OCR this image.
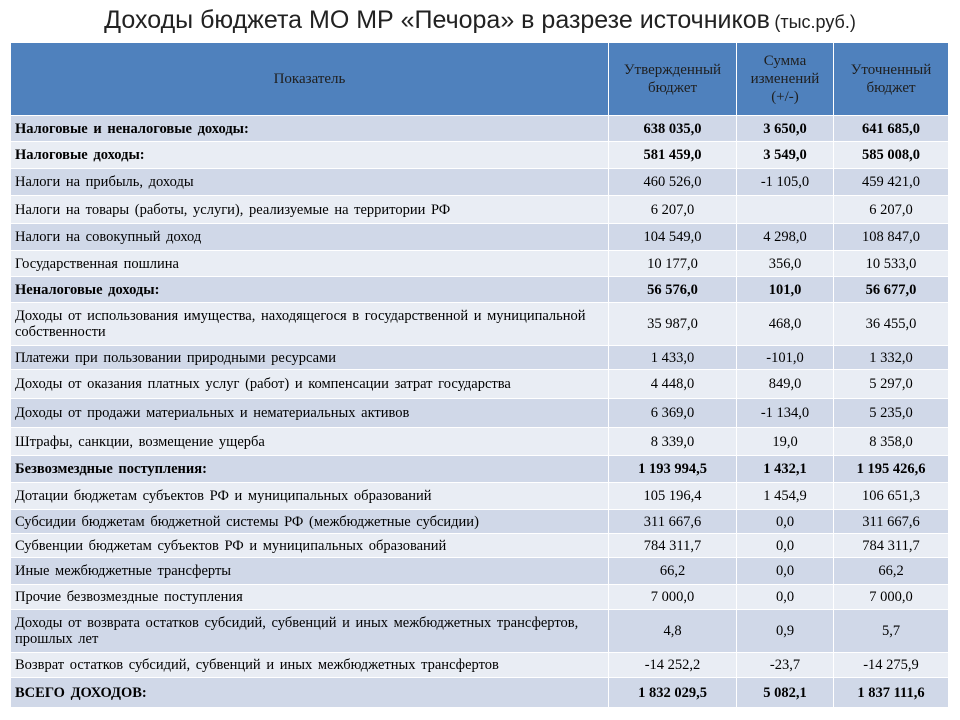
Доходы бюджета МО МР «Печора» в разрезе источников (тыс.руб.)
Показатель	Утвержденный бюджет	Сумма изменений (+/-)	Уточненный бюджет
Налоговые и неналоговые доходы:	638 035,0	3 650,0	641 685,0
Налоговые доходы:	581 459,0	3 549,0	585 008,0
Налоги на прибыль, доходы	460 526,0	-1 105,0	459 421,0
Налоги на товары (работы, услуги), реализуемые на территории РФ	6 207,0		6 207,0
Налоги на совокупный доход	104 549,0	4 298,0	108 847,0
Государственная пошлина	10 177,0	356,0	10 533,0
Неналоговые доходы:	56 576,0	101,0	56 677,0
Доходы от использования имущества, находящегося в государственной и муниципальной собственности	35 987,0	468,0	36 455,0
Платежи при пользовании природными ресурсами	1 433,0	-101,0	1 332,0
Доходы от оказания платных услуг (работ) и компенсации затрат государства	4 448,0	849,0	5 297,0
Доходы от продажи материальных и нематериальных активов	6 369,0	-1 134,0	5 235,0
Штрафы, санкции, возмещение ущерба	8 339,0	19,0	8 358,0
Безвозмездные поступления:	1 193 994,5	1 432,1	1 195 426,6
Дотации бюджетам субъектов РФ и муниципальных образований	105 196,4	1 454,9	106 651,3
Субсидии бюджетам бюджетной системы РФ (межбюджетные субсидии)	311 667,6	0,0	311 667,6
Субвенции бюджетам субъектов РФ и муниципальных образований	784 311,7	0,0	784 311,7
Иные межбюджетные трансферты	66,2	0,0	66,2
Прочие безвозмездные поступления	7 000,0	0,0	7 000,0
Доходы от возврата остатков субсидий, субвенций и иных межбюджетных трансфертов, прошлых лет	4,8	0,9	5,7
Возврат остатков субсидий, субвенций и иных межбюджетных трансфертов	-14 252,2	-23,7	-14 275,9
ВСЕГО ДОХОДОВ:	1 832 029,5	5 082,1	1 837 111,6
